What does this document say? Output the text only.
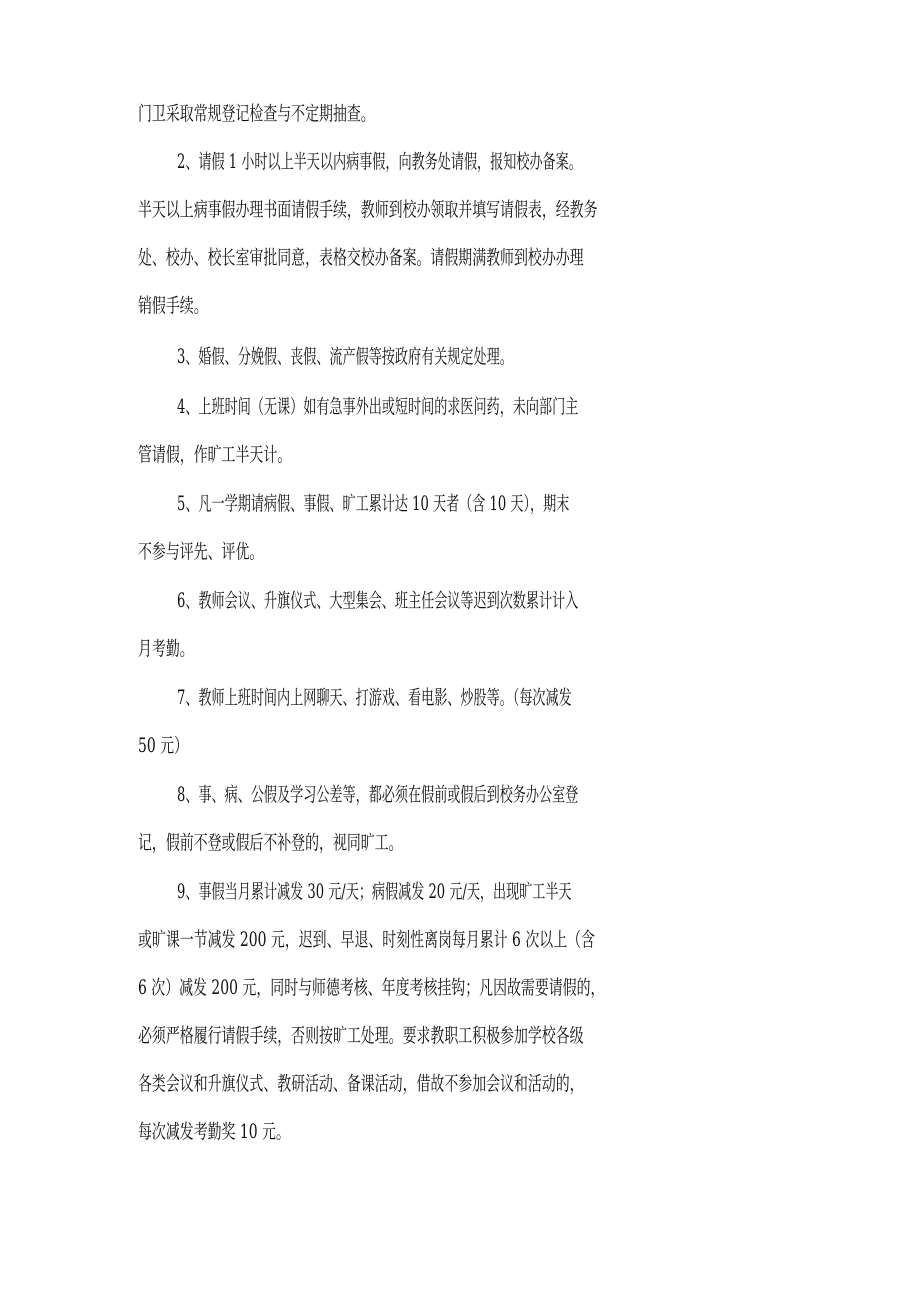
门卫采取常规登记检查与不定期抽查。
2、请假 1 小时以上半天以内病事假，向教务处请假，报知校办备案。
半天以上病事假办理书面请假手续，教师到校办领取并填写请假表，经教务
处、校办、校长室审批同意，表格交校办备案。请假期满教师到校办办理
销假手续。
3、婚假、分娩假、丧假、流产假等按政府有关规定处理。
4、上班时间（无课）如有急事外出或短时间的求医问药，未向部门主
管请假，作旷工半天计。
5、凡一学期请病假、事假、旷工累计达 10 天者（含 10 天），期末
不参与评先、评优。
6、教师会议、升旗仪式、大型集会、班主任会议等迟到次数累计计入
月考勤。
7、教师上班时间内上网聊天、打游戏、看电影、炒股等。（每次减发
50 元）
8、事、病、公假及学习公差等，都必须在假前或假后到校务办公室登
记，假前不登或假后不补登的，视同旷工。
9、事假当月累计减发 30 元/天；病假减发 20 元/天，出现旷工半天
或旷课一节减发 200 元，迟到、早退、时刻性离岗每月累计 6 次以上（含
6 次）减发 200 元，同时与师德考核、年度考核挂钩；凡因故需要请假的，
必须严格履行请假手续，否则按旷工处理。要求教职工积极参加学校各级
各类会议和升旗仪式、教研活动、备课活动，借故不参加会议和活动的，
每次减发考勤奖 10 元。
